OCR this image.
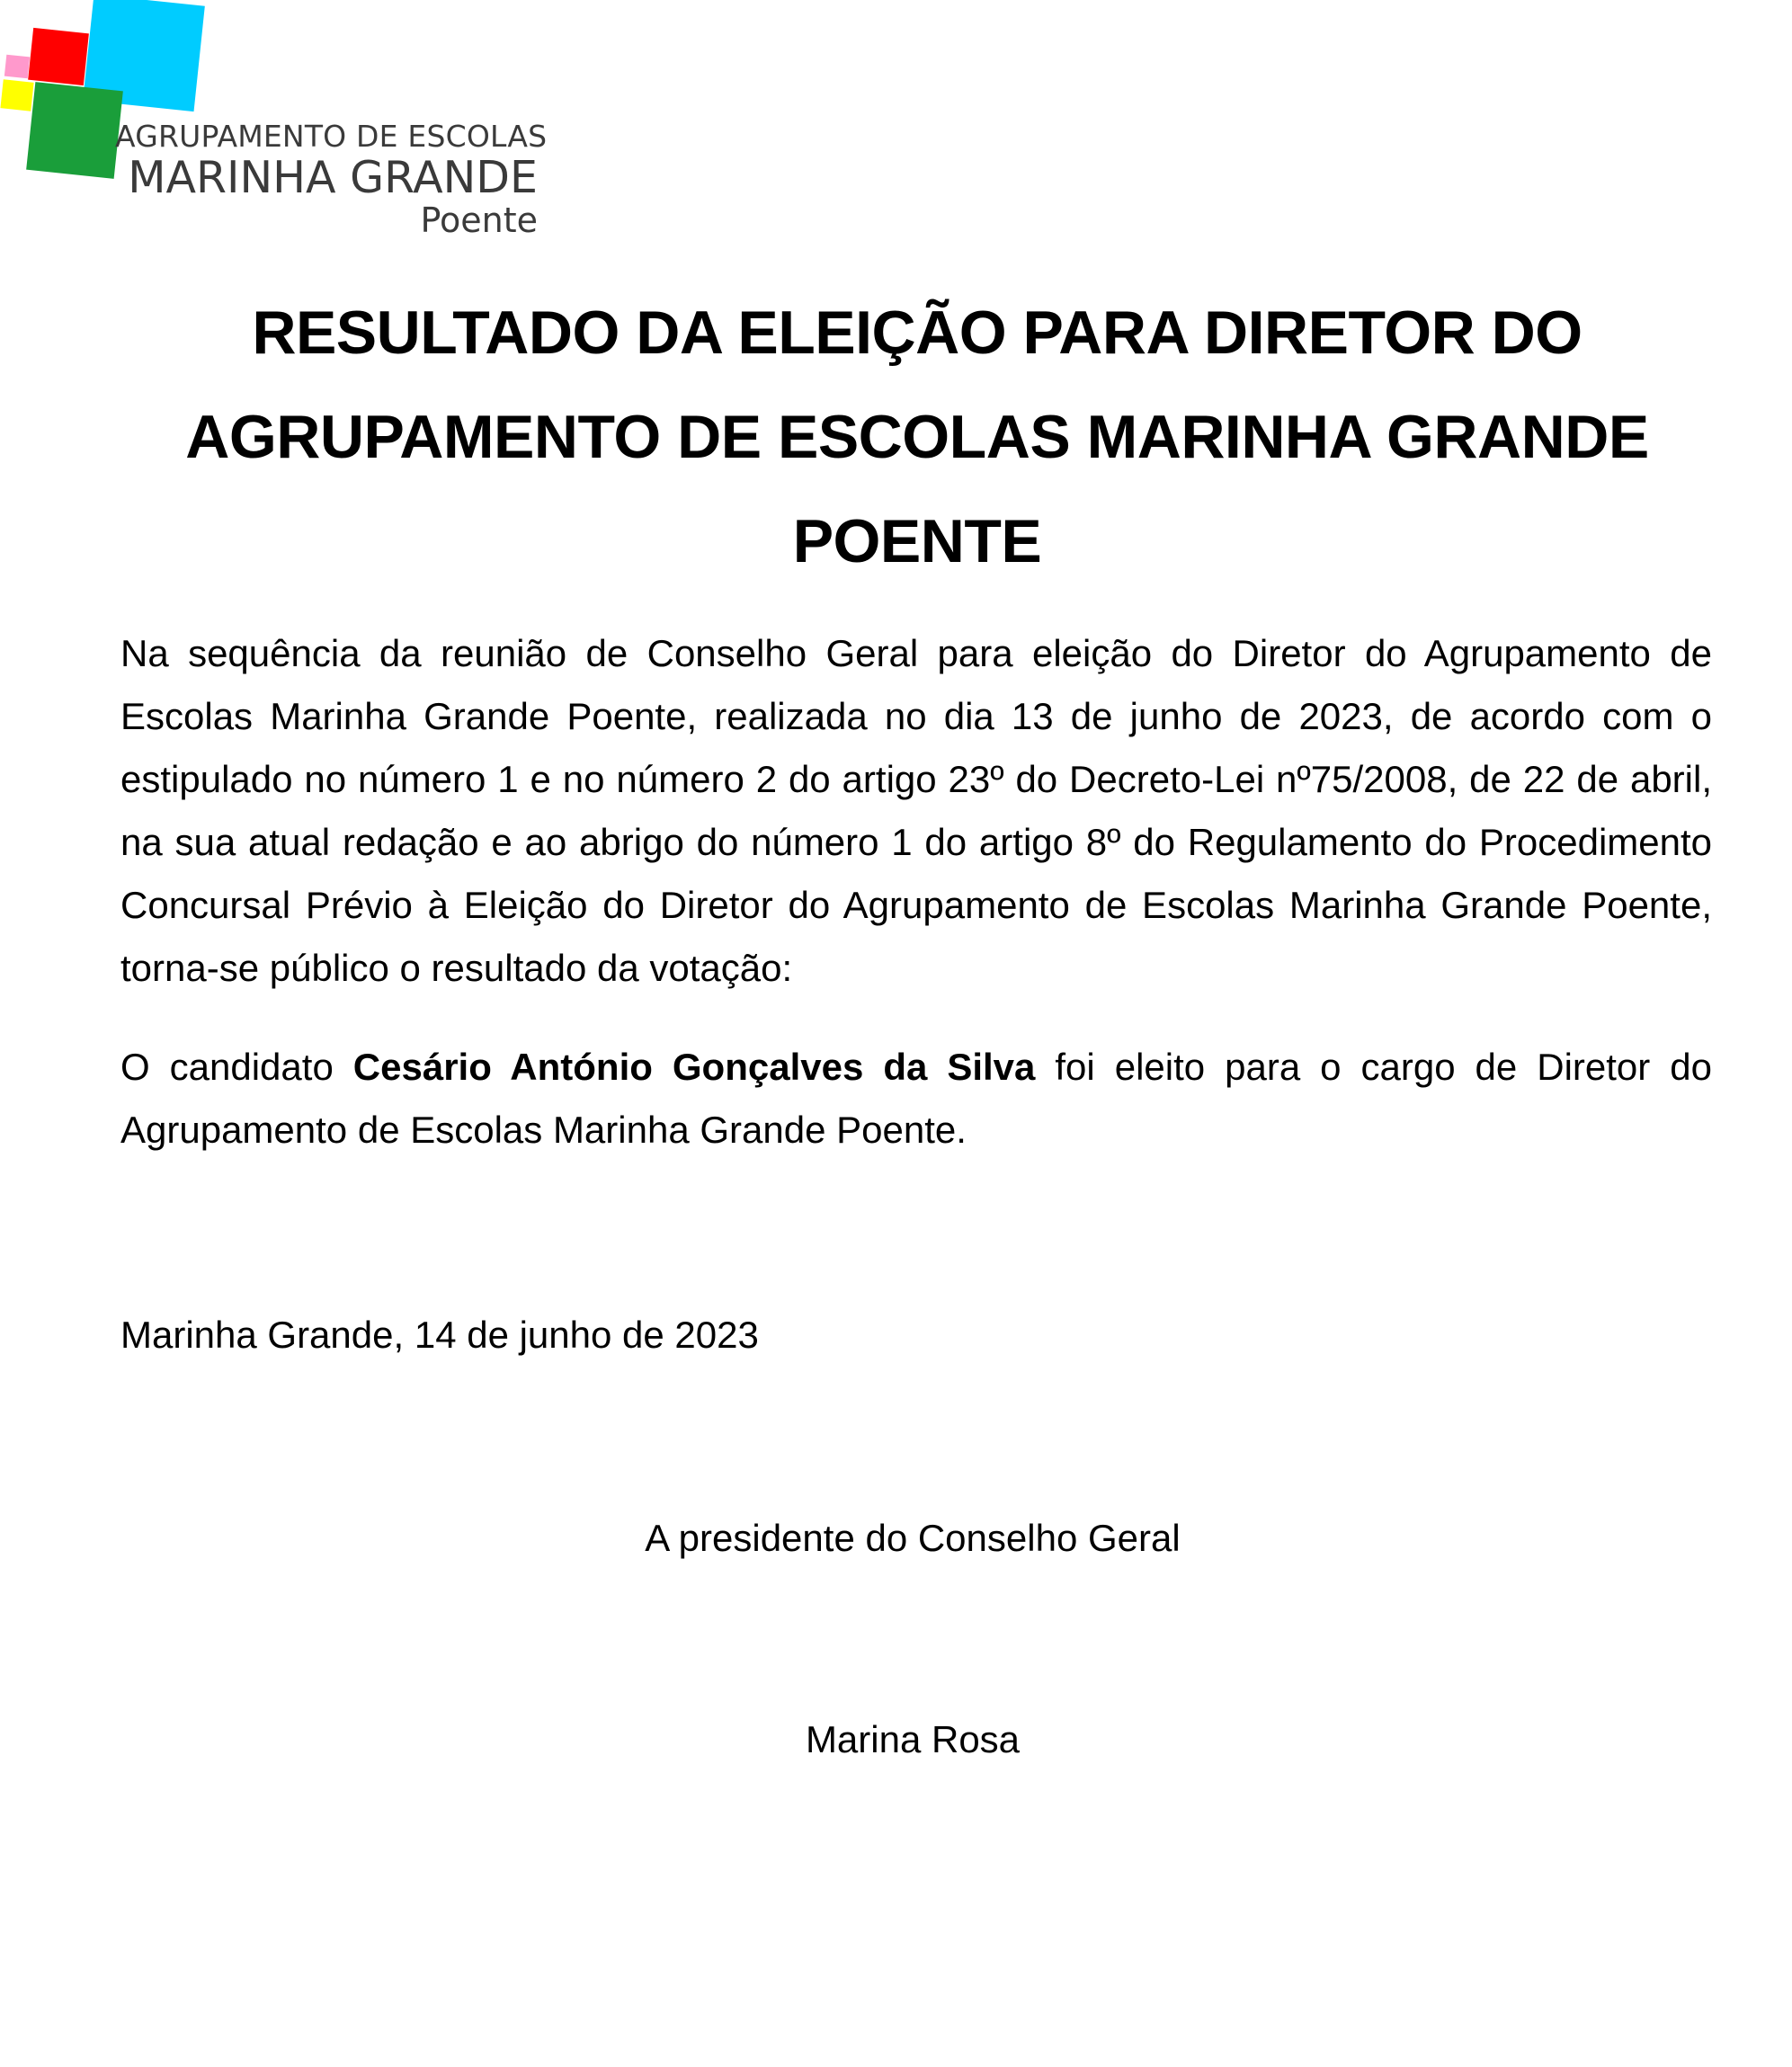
AGRUPAMENTO DE ESCOLAS
MARINHA GRANDE
Poente
RESULTADO DA ELEIÇÃO PARA DIRETOR DO AGRUPAMENTO DE ESCOLAS MARINHA GRANDE POENTE

Na sequência da reunião de Conselho Geral para eleição do Diretor do Agrupamento de Escolas Marinha Grande Poente, realizada no dia 13 de junho de 2023, de acordo com o estipulado no número 1 e no número 2 do artigo 23º do Decreto-Lei nº75/2008, de 22 de abril, na sua atual redação e ao abrigo do número 1 do artigo 8º do Regulamento do Procedimento Concursal Prévio à Eleição do Diretor do Agrupamento de Escolas Marinha Grande Poente, torna-se público o resultado da votação:

O candidato Cesário António Gonçalves da Silva foi eleito para o cargo de Diretor do Agrupamento de Escolas Marinha Grande Poente.

Marinha Grande, 14 de junho de 2023

A presidente do Conselho Geral

Marina Rosa
